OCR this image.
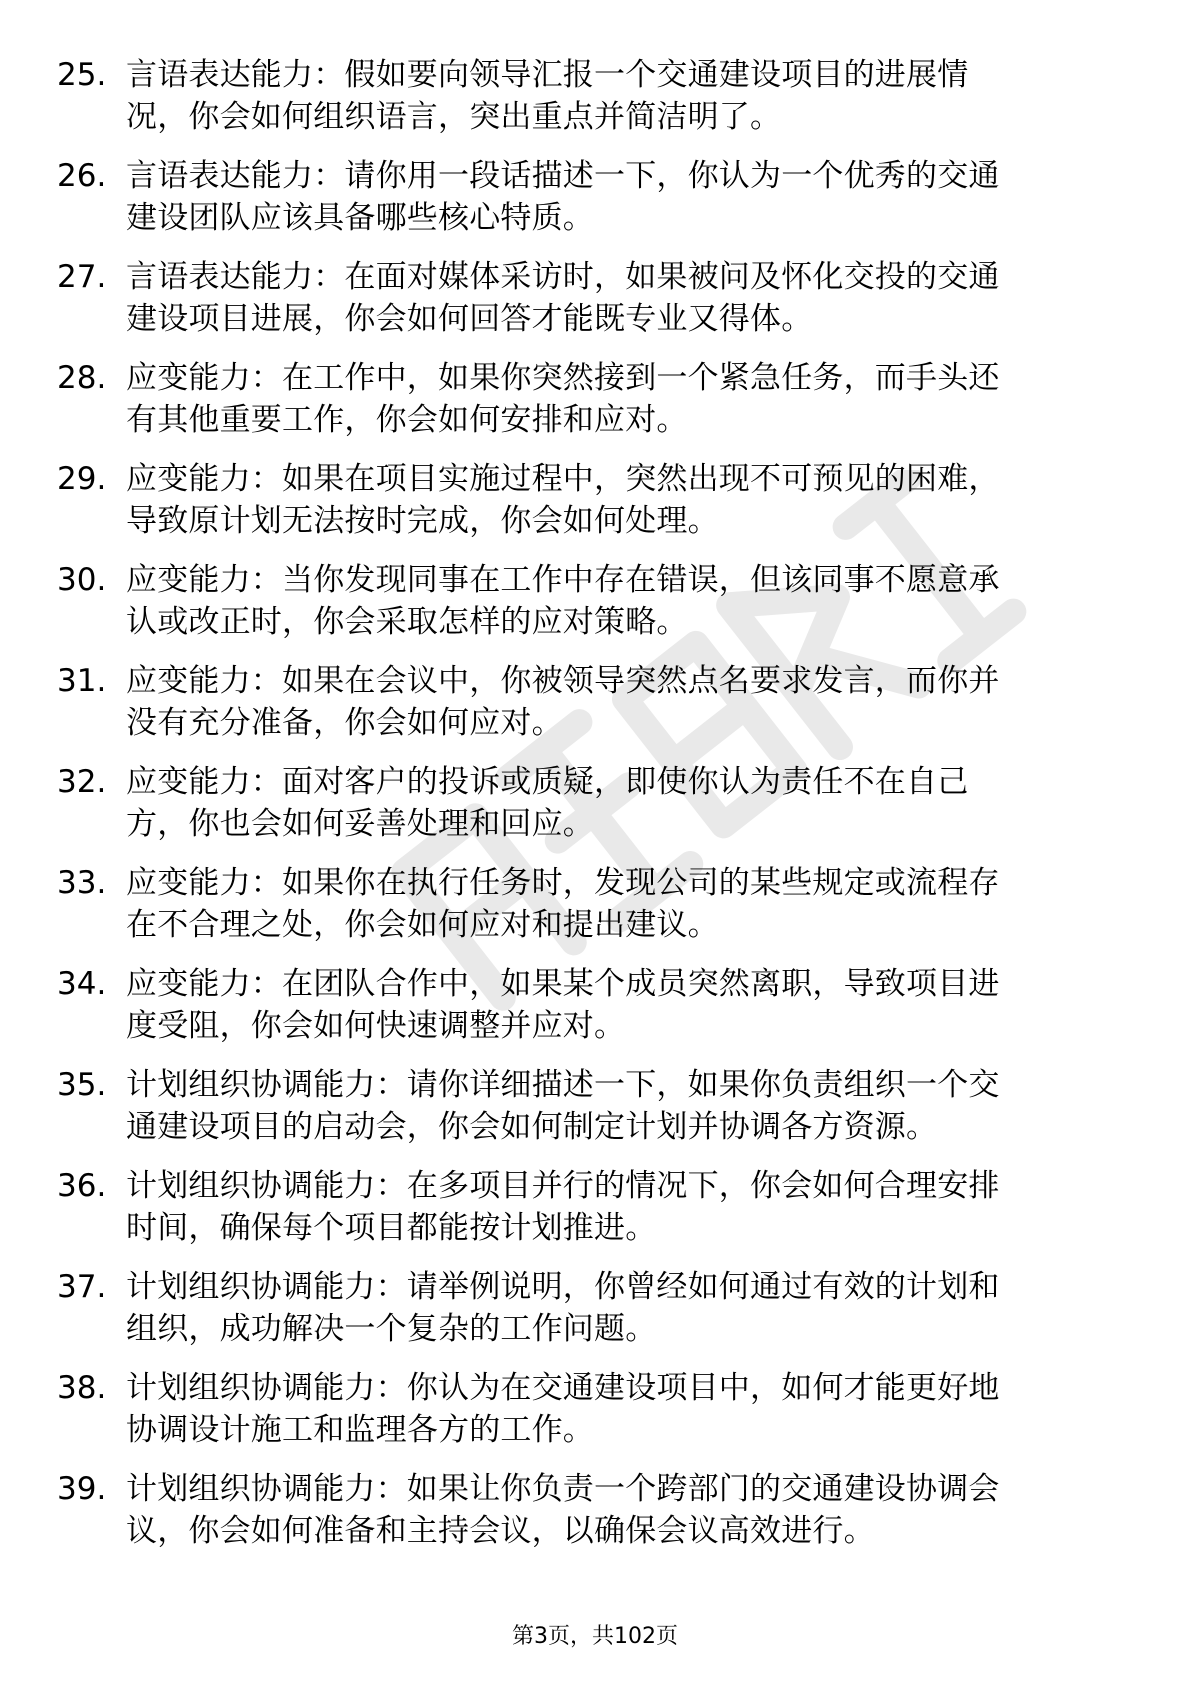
25. 言语表达能力：假如要向领导汇报一个交通建设项目的进展情
况，你会如何组织语言，突出重点并简洁明了。
26. 言语表达能力：请你用一段话描述一下，你认为一个优秀的交通
建设团队应该具备哪些核心特质。
27. 言语表达能力：在面对媒体采访时，如果被问及怀化交投的交通
建设项目进展，你会如何回答才能既专业又得体。
28. 应变能力：在工作中，如果你突然接到一个紧急任务，而手头还
有其他重要工作，你会如何安排和应对。
29. 应变能力：如果在项目实施过程中，突然出现不可预见的困难，
导致原计划无法按时完成，你会如何处理。
30. 应变能力：当你发现同事在工作中存在错误，但该同事不愿意承
认或改正时，你会采取怎样的应对策略。
31. 应变能力：如果在会议中，你被领导突然点名要求发言，而你并
没有充分准备，你会如何应对。
32. 应变能力：面对客户的投诉或质疑，即使你认为责任不在自己
方，你也会如何妥善处理和回应。
33. 应变能力：如果你在执行任务时，发现公司的某些规定或流程存
在不合理之处，你会如何应对和提出建议。
34. 应变能力：在团队合作中，如果某个成员突然离职，导致项目进
度受阻，你会如何快速调整并应对。
35. 计划组织协调能力：请你详细描述一下，如果你负责组织一个交
通建设项目的启动会，你会如何制定计划并协调各方资源。
36. 计划组织协调能力：在多项目并行的情况下，你会如何合理安排
时间，确保每个项目都能按计划推进。
37. 计划组织协调能力：请举例说明，你曾经如何通过有效的计划和
组织，成功解决一个复杂的工作问题。
38. 计划组织协调能力：你认为在交通建设项目中，如何才能更好地
协调设计施工和监理各方的工作。
39. 计划组织协调能力：如果让你负责一个跨部门的交通建设协调会
议，你会如何准备和主持会议，以确保会议高效进行。
第3页，共102页
